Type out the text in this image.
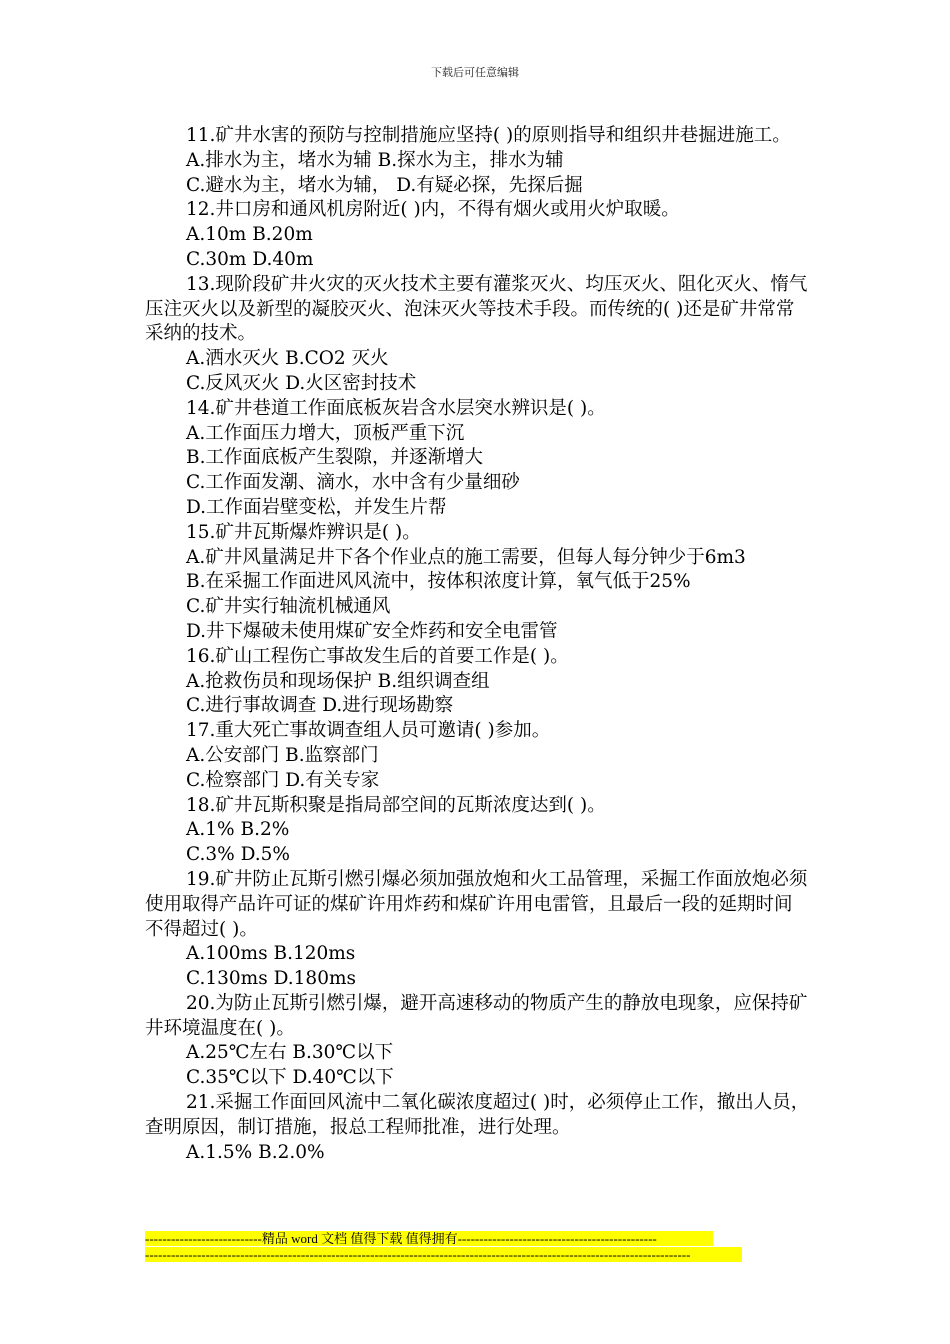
下载后可任意编辑

11.矿井水害的预防与控制措施应坚持( )的原则指导和组织井巷掘进施工。

A.排水为主，堵水为辅 B.探水为主，排水为辅

C.避水为主，堵水为辅， D.有疑必探，先探后掘

12.井口房和通风机房附近( )内，不得有烟火或用火炉取暖。

A.10m B.20m

C.30m D.40m

13.现阶段矿井火灾的灭火技术主要有灌浆灭火、均压灭火、阻化灭火、惰气压注灭火以及新型的凝胶灭火、泡沫灭火等技术手段。而传统的( )还是矿井常常采纳的技术。

A.洒水灭火 B.CO2 灭火

C.反风灭火 D.火区密封技术

14.矿井巷道工作面底板灰岩含水层突水辨识是( )。

A.工作面压力增大，顶板严重下沉

B.工作面底板产生裂隙，并逐渐增大

C.工作面发潮、滴水，水中含有少量细砂

D.工作面岩壁变松，并发生片帮

15.矿井瓦斯爆炸辨识是( )。

A.矿井风量满足井下各个作业点的施工需要，但每人每分钟少于6m3

B.在采掘工作面进风风流中，按体积浓度计算，氧气低于25%

C.矿井实行轴流机械通风

D.井下爆破未使用煤矿安全炸药和安全电雷管

16.矿山工程伤亡事故发生后的首要工作是( )。

A.抢救伤员和现场保护 B.组织调查组

C.进行事故调查 D.进行现场勘察

17.重大死亡事故调查组人员可邀请( )参加。

A.公安部门 B.监察部门

C.检察部门 D.有关专家

18.矿井瓦斯积聚是指局部空间的瓦斯浓度达到( )。

A.1% B.2%

C.3% D.5%

19.矿井防止瓦斯引燃引爆必须加强放炮和火工品管理，采掘工作面放炮必须使用取得产品许可证的煤矿许用炸药和煤矿许用电雷管，且最后一段的延期时间不得超过( )。

A.100ms B.120ms

C.130ms D.180ms

20.为防止瓦斯引燃引爆，避开高速移动的物质产生的静放电现象，应保持矿井环境温度在( )。

A.25℃左右 B.30℃以下

C.35℃以下 D.40℃以下

21.采掘工作面回风流中二氧化碳浓度超过( )时，必须停止工作，撤出人员，查明原因，制订措施，报总工程师批准，进行处理。

A.1.5% B.2.0%

---------------------------精品 word 文档 值得下载 值得拥有----------------------------------------------
------------------------------------------------------------------------------------------------------------------------------
